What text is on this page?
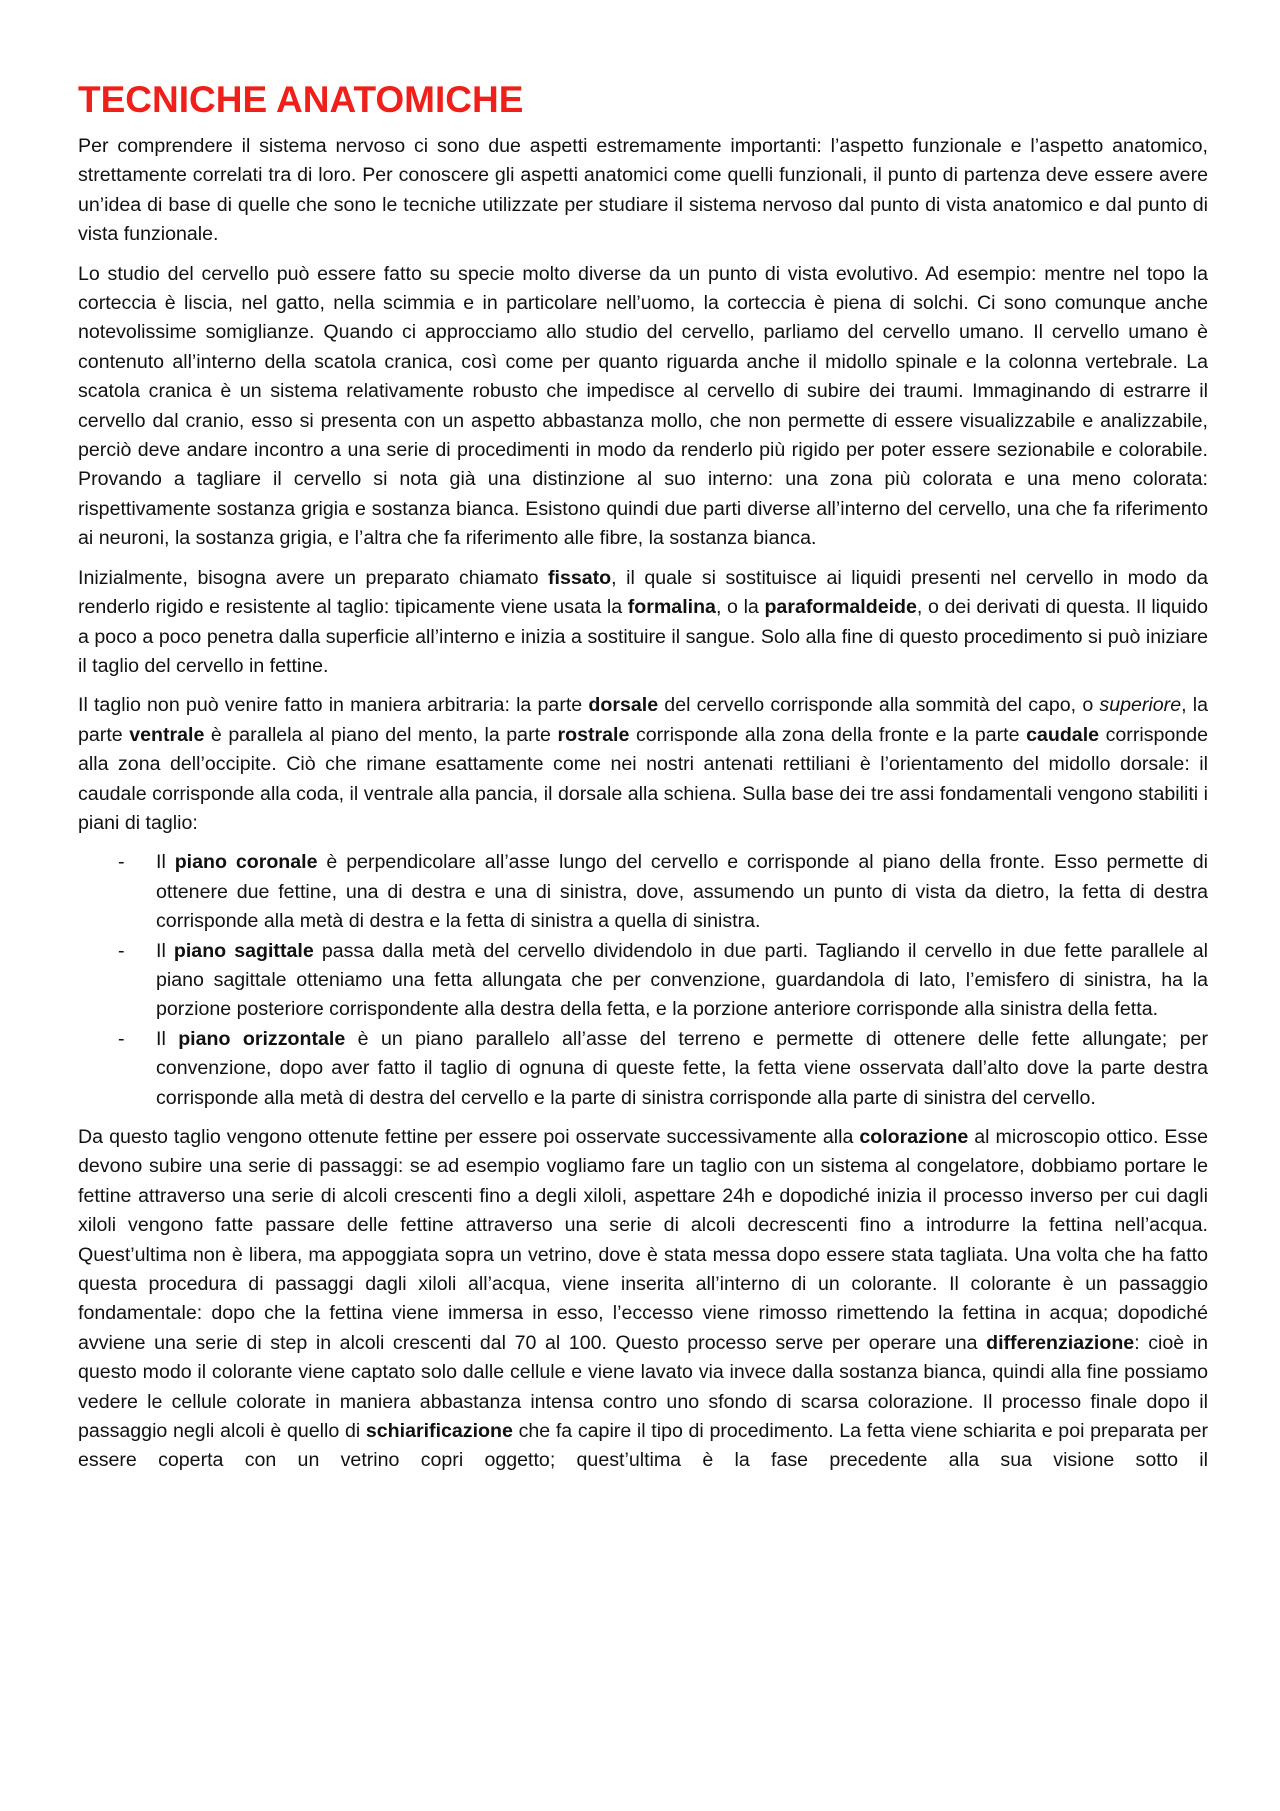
TECNICHE ANATOMICHE

Per comprendere il sistema nervoso ci sono due aspetti estremamente importanti: l’aspetto funzionale e l’aspetto anatomico, strettamente correlati tra di loro. Per conoscere gli aspetti anatomici come quelli funzionali, il punto di partenza deve essere avere un’idea di base di quelle che sono le tecniche utilizzate per studiare il sistema nervoso dal punto di vista anatomico e dal punto di vista funzionale.

Lo studio del cervello può essere fatto su specie molto diverse da un punto di vista evolutivo. Ad esempio: mentre nel topo la corteccia è liscia, nel gatto, nella scimmia e in particolare nell’uomo, la corteccia è piena di solchi. Ci sono comunque anche notevolissime somiglianze. Quando ci approcciamo allo studio del cervello, parliamo del cervello umano. Il cervello umano è contenuto all’interno della scatola cranica, così come per quanto riguarda anche il midollo spinale e la colonna vertebrale. La scatola cranica è un sistema relativamente robusto che impedisce al cervello di subire dei traumi. Immaginando di estrarre il cervello dal cranio, esso si presenta con un aspetto abbastanza mollo, che non permette di essere visualizzabile e analizzabile, perciò deve andare incontro a una serie di procedimenti in modo da renderlo più rigido per poter essere sezionabile e colorabile. Provando a tagliare il cervello si nota già una distinzione al suo interno: una zona più colorata e una meno colorata: rispettivamente sostanza grigia e sostanza bianca. Esistono quindi due parti diverse all’interno del cervello, una che fa riferimento ai neuroni, la sostanza grigia, e l’altra che fa riferimento alle fibre, la sostanza bianca.

Inizialmente, bisogna avere un preparato chiamato fissato, il quale si sostituisce ai liquidi presenti nel cervello in modo da renderlo rigido e resistente al taglio: tipicamente viene usata la formalina, o la paraformaldeide, o dei derivati di questa. Il liquido a poco a poco penetra dalla superficie all’interno e inizia a sostituire il sangue. Solo alla fine di questo procedimento si può iniziare il taglio del cervello in fettine.

Il taglio non può venire fatto in maniera arbitraria: la parte dorsale del cervello corrisponde alla sommità del capo, o superiore, la parte ventrale è parallela al piano del mento, la parte rostrale corrisponde alla zona della fronte e la parte caudale corrisponde alla zona dell’occipite. Ciò che rimane esattamente come nei nostri antenati rettiliani è l’orientamento del midollo dorsale: il caudale corrisponde alla coda, il ventrale alla pancia, il dorsale alla schiena. Sulla base dei tre assi fondamentali vengono stabiliti i piani di taglio:

- Il piano coronale è perpendicolare all’asse lungo del cervello e corrisponde al piano della fronte. Esso permette di ottenere due fettine, una di destra e una di sinistra, dove, assumendo un punto di vista da dietro, la fetta di destra corrisponde alla metà di destra e la fetta di sinistra a quella di sinistra.
- Il piano sagittale passa dalla metà del cervello dividendolo in due parti. Tagliando il cervello in due fette parallele al piano sagittale otteniamo una fetta allungata che per convenzione, guardandola di lato, l’emisfero di sinistra, ha la porzione posteriore corrispondente alla destra della fetta, e la porzione anteriore corrisponde alla sinistra della fetta.
- Il piano orizzontale è un piano parallelo all’asse del terreno e permette di ottenere delle fette allungate; per convenzione, dopo aver fatto il taglio di ognuna di queste fette, la fetta viene osservata dall’alto dove la parte destra corrisponde alla metà di destra del cervello e la parte di sinistra corrisponde alla parte di sinistra del cervello.

Da questo taglio vengono ottenute fettine per essere poi osservate successivamente alla colorazione al microscopio ottico. Esse devono subire una serie di passaggi: se ad esempio vogliamo fare un taglio con un sistema al congelatore, dobbiamo portare le fettine attraverso una serie di alcoli crescenti fino a degli xiloli, aspettare 24h e dopodiché inizia il processo inverso per cui dagli xiloli vengono fatte passare delle fettine attraverso una serie di alcoli decrescenti fino a introdurre la fettina nell’acqua. Quest’ultima non è libera, ma appoggiata sopra un vetrino, dove è stata messa dopo essere stata tagliata. Una volta che ha fatto questa procedura di passaggi dagli xiloli all’acqua, viene inserita all’interno di un colorante. Il colorante è un passaggio fondamentale: dopo che la fettina viene immersa in esso, l’eccesso viene rimosso rimettendo la fettina in acqua; dopodiché avviene una serie di step in alcoli crescenti dal 70 al 100. Questo processo serve per operare una differenziazione: cioè in questo modo il colorante viene captato solo dalle cellule e viene lavato via invece dalla sostanza bianca, quindi alla fine possiamo vedere le cellule colorate in maniera abbastanza intensa contro uno sfondo di scarsa colorazione. Il processo finale dopo il passaggio negli alcoli è quello di schiarificazione che fa capire il tipo di procedimento. La fetta viene schiarita e poi preparata per essere coperta con un vetrino copri oggetto; quest’ultima è la fase precedente alla sua visione sotto il
